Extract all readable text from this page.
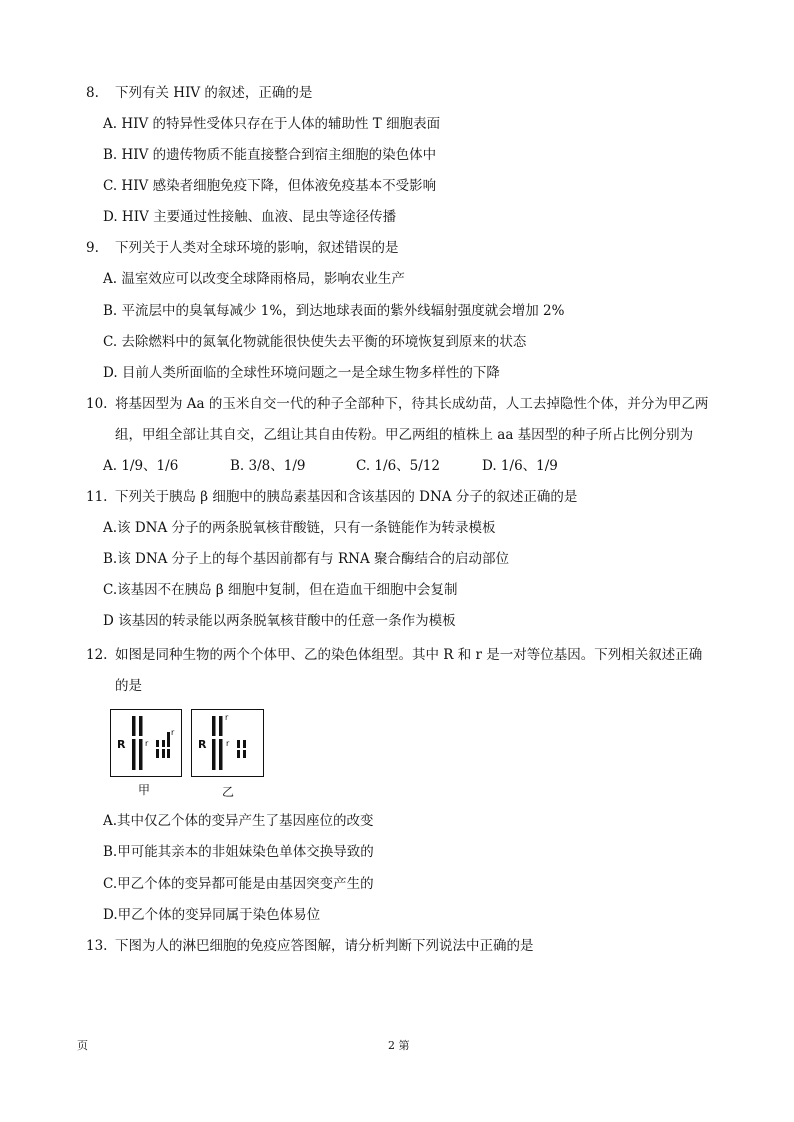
8. 下列有关 HIV 的叙述，正确的是
A. HIV 的特异性受体只存在于人体的辅助性 T 细胞表面
B. HIV 的遗传物质不能直接整合到宿主细胞的染色体中
C. HIV 感染者细胞免疫下降，但体液免疫基本不受影响
D. HIV 主要通过性接触、血液、昆虫等途径传播
9. 下列关于人类对全球环境的影响，叙述错误的是
A. 温室效应可以改变全球降雨格局，影响农业生产
B. 平流层中的臭氧每减少 1%，到达地球表面的紫外线辐射强度就会增加 2%
C. 去除燃料中的氮氧化物就能很快使失去平衡的环境恢复到原来的状态
D. 目前人类所面临的全球性环境问题之一是全球生物多样性的下降
10. 将基因型为 Aa 的玉米自交一代的种子全部种下，待其长成幼苗，人工去掉隐性个体，并分为甲乙两
组，甲组全部让其自交，乙组让其自由传粉。甲乙两组的植株上 aa 基因型的种子所占比例分别为
A. 1/9、1/6	B. 3/8、1/9	C. 1/6、5/12	D. 1/6、1/9
11. 下列关于胰岛 β 细胞中的胰岛素基因和含该基因的 DNA 分子的叙述正确的是
A.该 DNA 分子的两条脱氧核苷酸链，只有一条链能作为转录模板
B.该 DNA 分子上的每个基因前都有与 RNA 聚合酶结合的启动部位
C.该基因不在胰岛 β 细胞中复制，但在造血干细胞中会复制
D 该基因的转录能以两条脱氧核苷酸中的任意一条作为模板
12. 如图是同种生物的两个个体甲、乙的染色体组型。其中 R 和 r 是一对等位基因。下列相关叙述正确
的是
R r
r
甲
R
r
r
乙
A.其中仅乙个体的变异产生了基因座位的改变
B.甲可能其亲本的非姐妹染色单体交换导致的
C.甲乙个体的变异都可能是由基因突变产生的
D.甲乙个体的变异同属于染色体易位
13. 下图为人的淋巴细胞的免疫应答图解，请分析判断下列说法中正确的是
页	2 第
